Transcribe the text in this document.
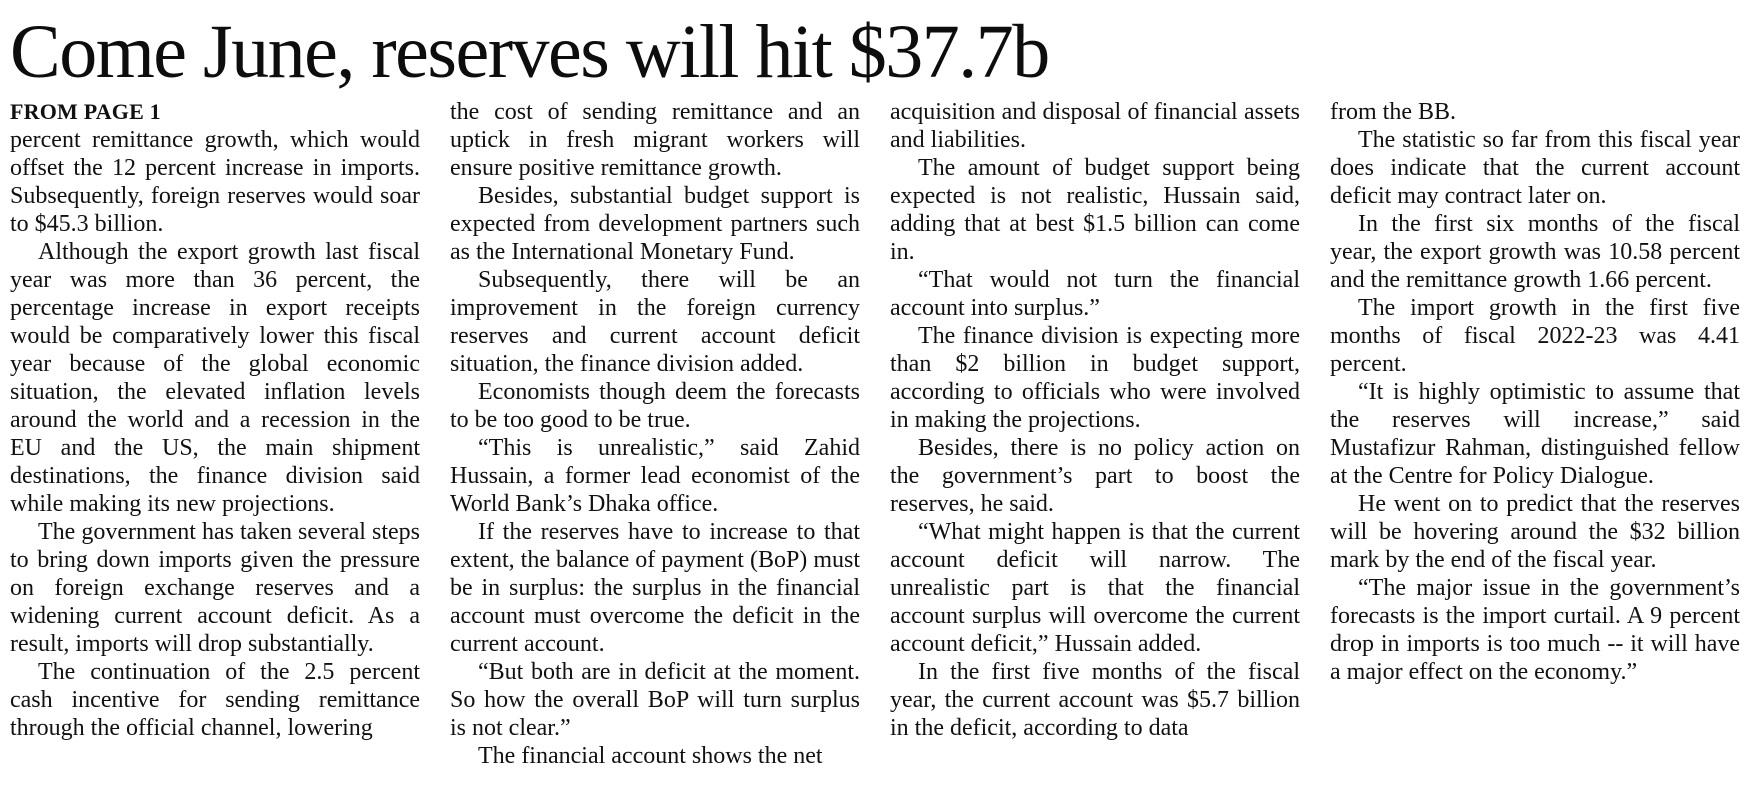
Come June, reserves will hit $37.7b
FROM PAGE 1

percent remittance growth, which would offset the 12 percent increase in imports. Subsequently, foreign reserves would soar to $45.3 billion.

Although the export growth last fiscal year was more than 36 percent, the percentage increase in export receipts would be comparatively lower this fiscal year because of the global economic situation, the elevated inflation levels around the world and a recession in the EU and the US, the main shipment destinations, the finance division said while making its new projections.

The government has taken several steps to bring down imports given the pressure on foreign exchange reserves and a widening current account deficit. As a result, imports will drop substantially.

The continuation of the 2.5 percent cash incentive for sending remittance through the official channel, lowering

the cost of sending remittance and an uptick in fresh migrant workers will ensure positive remittance growth.

Besides, substantial budget support is expected from development partners such as the International Monetary Fund.

Subsequently, there will be an improvement in the foreign currency reserves and current account deficit situation, the finance division added.

Economists though deem the forecasts to be too good to be true.

“This is unrealistic,” said Zahid Hussain, a former lead economist of the World Bank’s Dhaka office.

If the reserves have to increase to that extent, the balance of payment (BoP) must be in surplus: the surplus in the financial account must overcome the deficit in the current account.

“But both are in deficit at the moment. So how the overall BoP will turn surplus is not clear.”

The financial account shows the net

acquisition and disposal of financial assets and liabilities.

The amount of budget support being expected is not realistic, Hussain said, adding that at best $1.5 billion can come in.

“That would not turn the financial account into surplus.”

The finance division is expecting more than $2 billion in budget support, according to officials who were involved in making the projections.

Besides, there is no policy action on the government’s part to boost the reserves, he said.

“What might happen is that the current account deficit will narrow. The unrealistic part is that the financial account surplus will overcome the current account deficit,” Hussain added.

In the first five months of the fiscal year, the current account was $5.7 billion in the deficit, according to data

from the BB.

The statistic so far from this fiscal year does indicate that the current account deficit may contract later on.

In the first six months of the fiscal year, the export growth was 10.58 percent and the remittance growth 1.66 percent.

The import growth in the first five months of fiscal 2022-23 was 4.41 percent.

“It is highly optimistic to assume that the reserves will increase,” said Mustafizur Rahman, distinguished fellow at the Centre for Policy Dialogue.

He went on to predict that the reserves will be hovering around the $32 billion mark by the end of the fiscal year.

“The major issue in the government’s forecasts is the import curtail. A 9 percent drop in imports is too much -- it will have a major effect on the economy.”
